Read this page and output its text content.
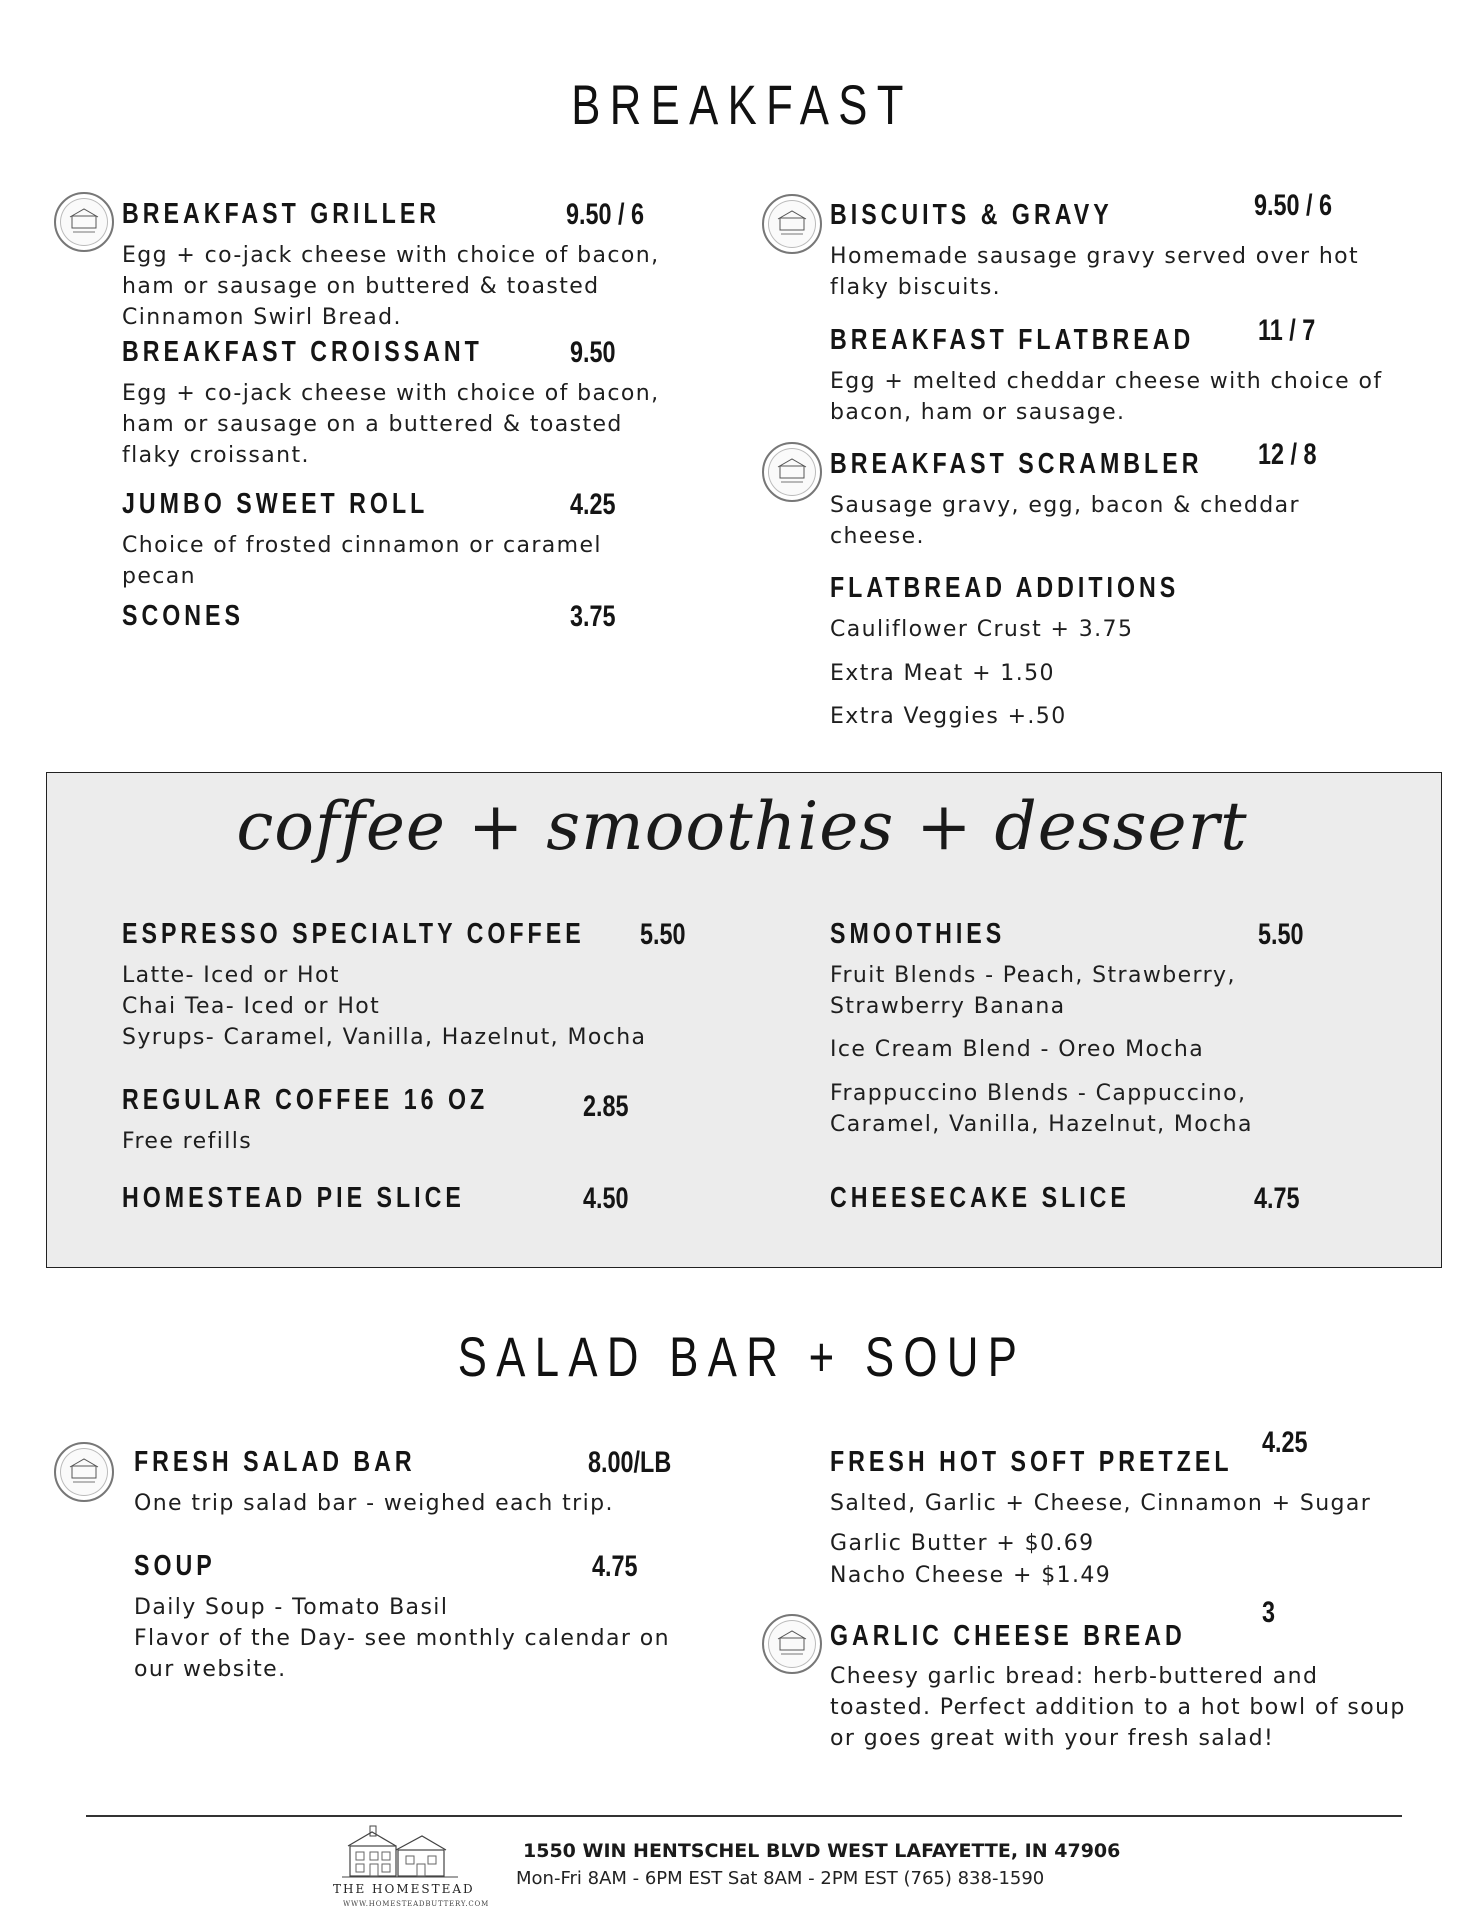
BREAKFAST
BREAKFAST GRILLER	9.50 / 6
Egg + co-jack cheese with choice of bacon, ham or sausage on buttered & toasted Cinnamon Swirl Bread.
BREAKFAST CROISSANT	9.50
Egg + co-jack cheese with choice of bacon, ham or sausage on a buttered & toasted flaky croissant.
JUMBO SWEET ROLL	4.25
Choice of frosted cinnamon or caramel pecan
SCONES	3.75
BISCUITS & GRAVY	9.50 / 6
Homemade sausage gravy served over hot flaky biscuits.
BREAKFAST FLATBREAD 11 / 7
Egg + melted cheddar cheese with choice of bacon, ham or sausage.
BREAKFAST SCRAMBLER 12 / 8
Sausage gravy, egg, bacon & cheddar cheese.
FLATBREAD ADDITIONS
Cauliflower Crust + 3.75
Extra Meat + 1.50
Extra Veggies +.50
coffee + smoothies + dessert
ESPRESSO SPECIALTY COFFEE 5.50
Latte- Iced or Hot
Chai Tea- Iced or Hot
Syrups- Caramel, Vanilla, Hazelnut, Mocha
REGULAR COFFEE 16 OZ	2.85
Free refills
HOMESTEAD PIE SLICE	4.50
SMOOTHIES	5.50
Fruit Blends - Peach, Strawberry, Strawberry Banana
Ice Cream Blend - Oreo Mocha
Frappuccino Blends - Cappuccino, Caramel, Vanilla, Hazelnut, Mocha
CHEESECAKE SLICE	4.75
SALAD BAR + SOUP
FRESH SALAD BAR	8.00/LB
One trip salad bar - weighed each trip.
SOUP	4.75
Daily Soup - Tomato Basil
Flavor of the Day- see monthly calendar on our website.
FRESH HOT SOFT PRETZEL
4.25
Salted, Garlic + Cheese, Cinnamon + Sugar
Garlic Butter + $0.69
Nacho Cheese + $1.49
GARLIC CHEESE BREAD
3
Cheesy garlic bread: herb-buttered and toasted. Perfect addition to a hot bowl of soup or goes great with your fresh salad!
THE HOMESTEAD
WWW.HOMESTEADBUTTERY.COM
1550 WIN HENTSCHEL BLVD WEST LAFAYETTE, IN 47906
Mon-Fri 8AM - 6PM EST Sat 8AM - 2PM EST (765) 838-1590
